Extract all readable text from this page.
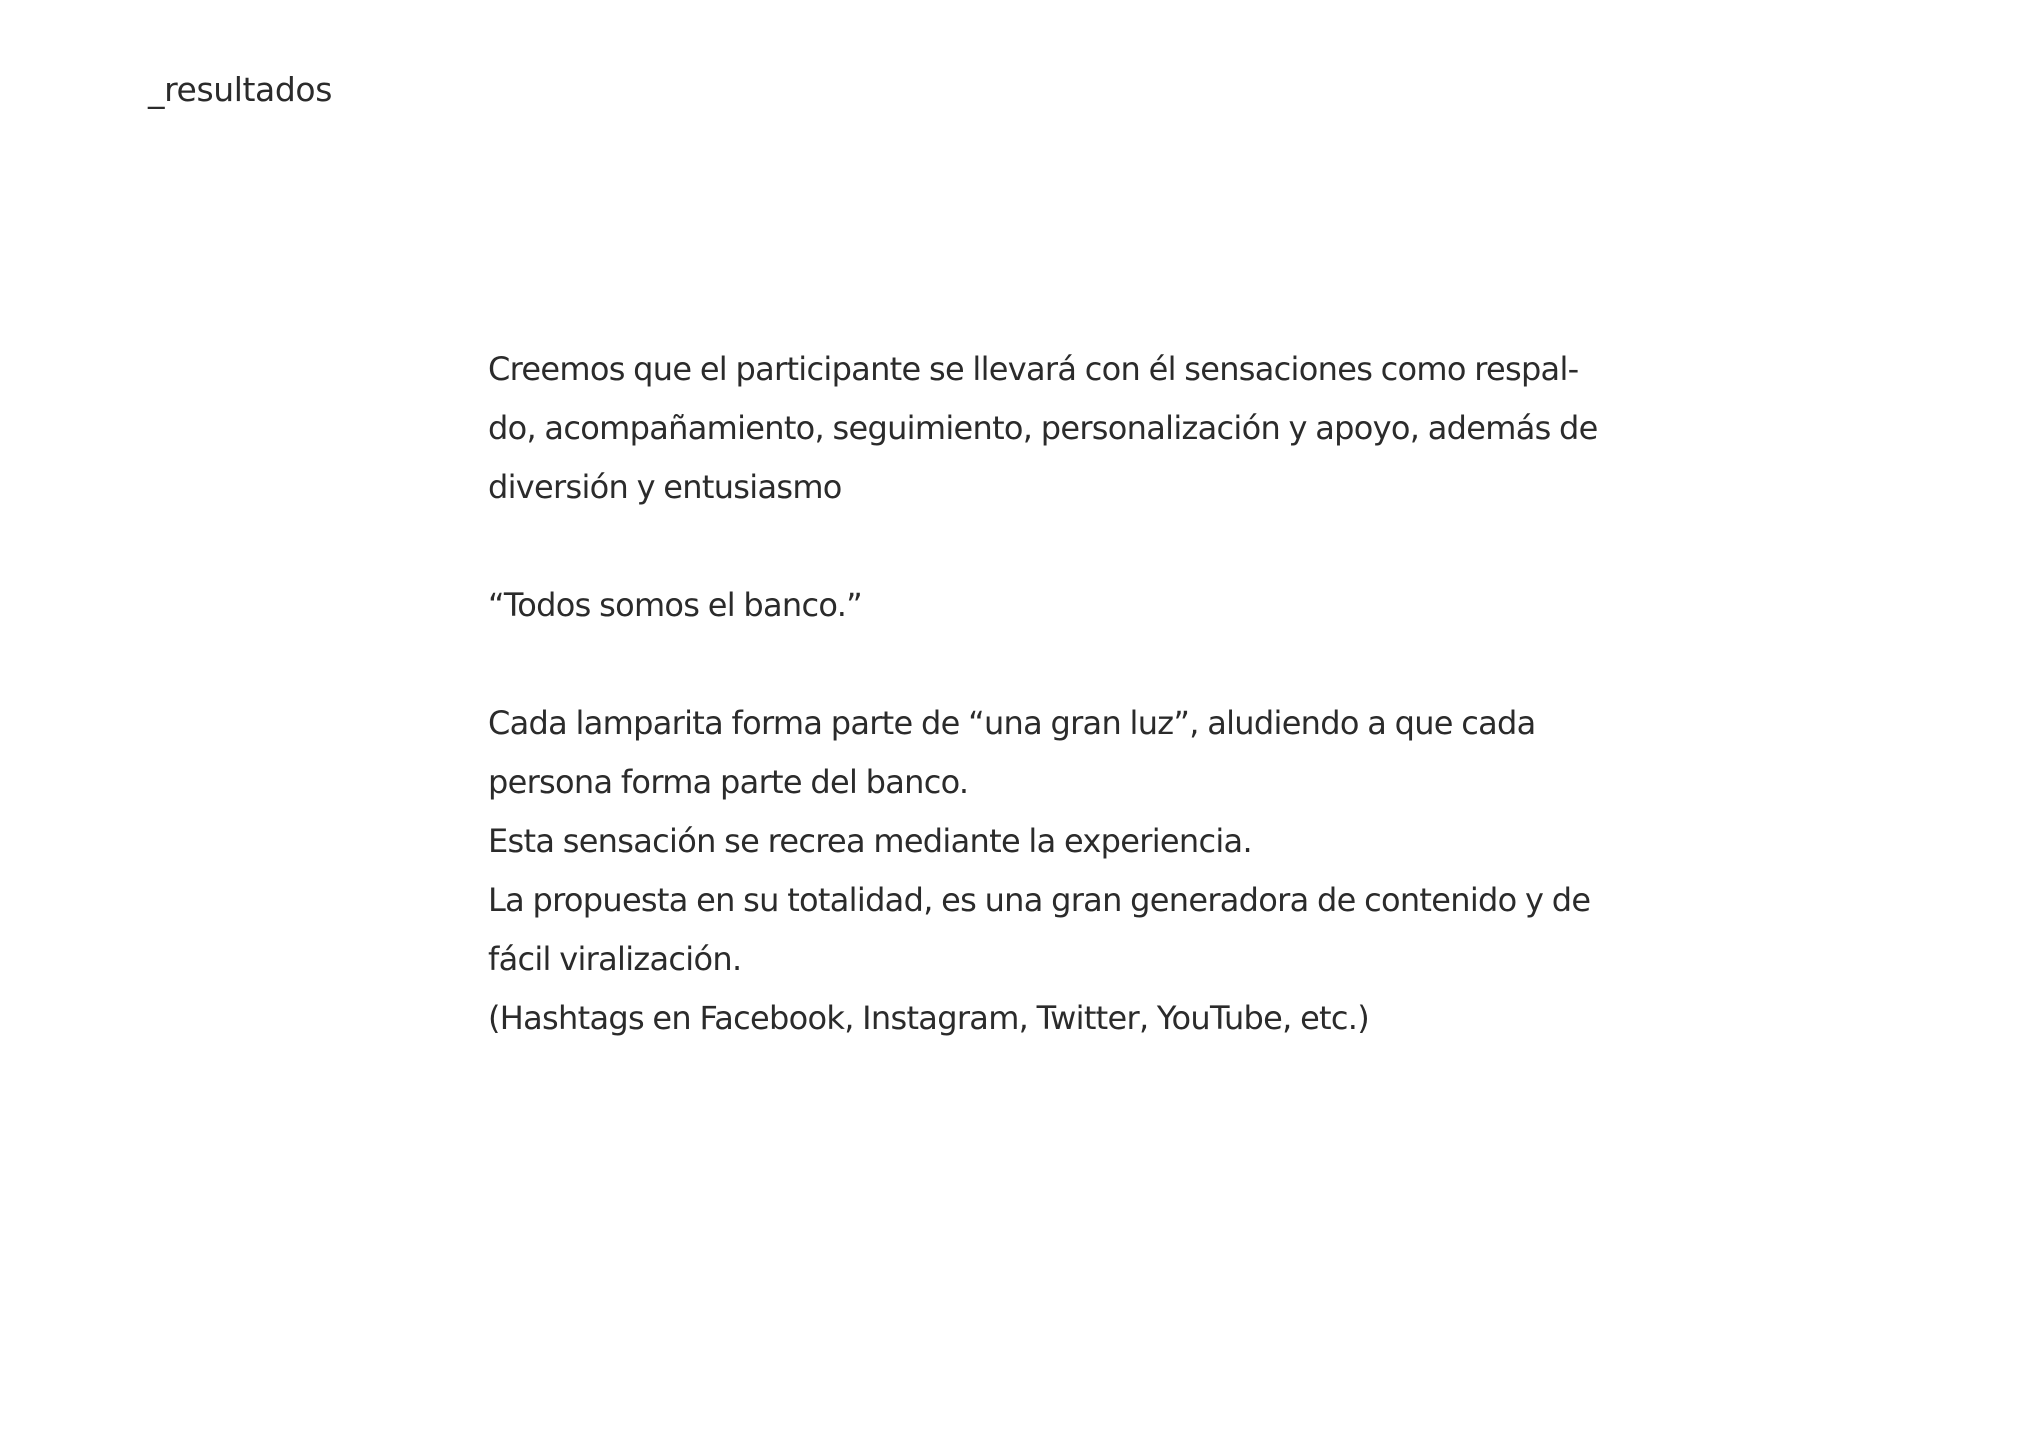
_resultados
Creemos que el participante se llevará con él sensaciones como respal-
do, acompañamiento, seguimiento, personalización y apoyo, además de
diversión y entusiasmo
“Todos somos el banco.”
Cada lamparita forma parte de “una gran luz”, aludiendo a que cada
persona forma parte del banco.
Esta sensación se recrea mediante la experiencia.
La propuesta en su totalidad, es una gran generadora de contenido y de
fácil viralización.
(Hashtags en Facebook, Instagram, Twitter, YouTube, etc.)
